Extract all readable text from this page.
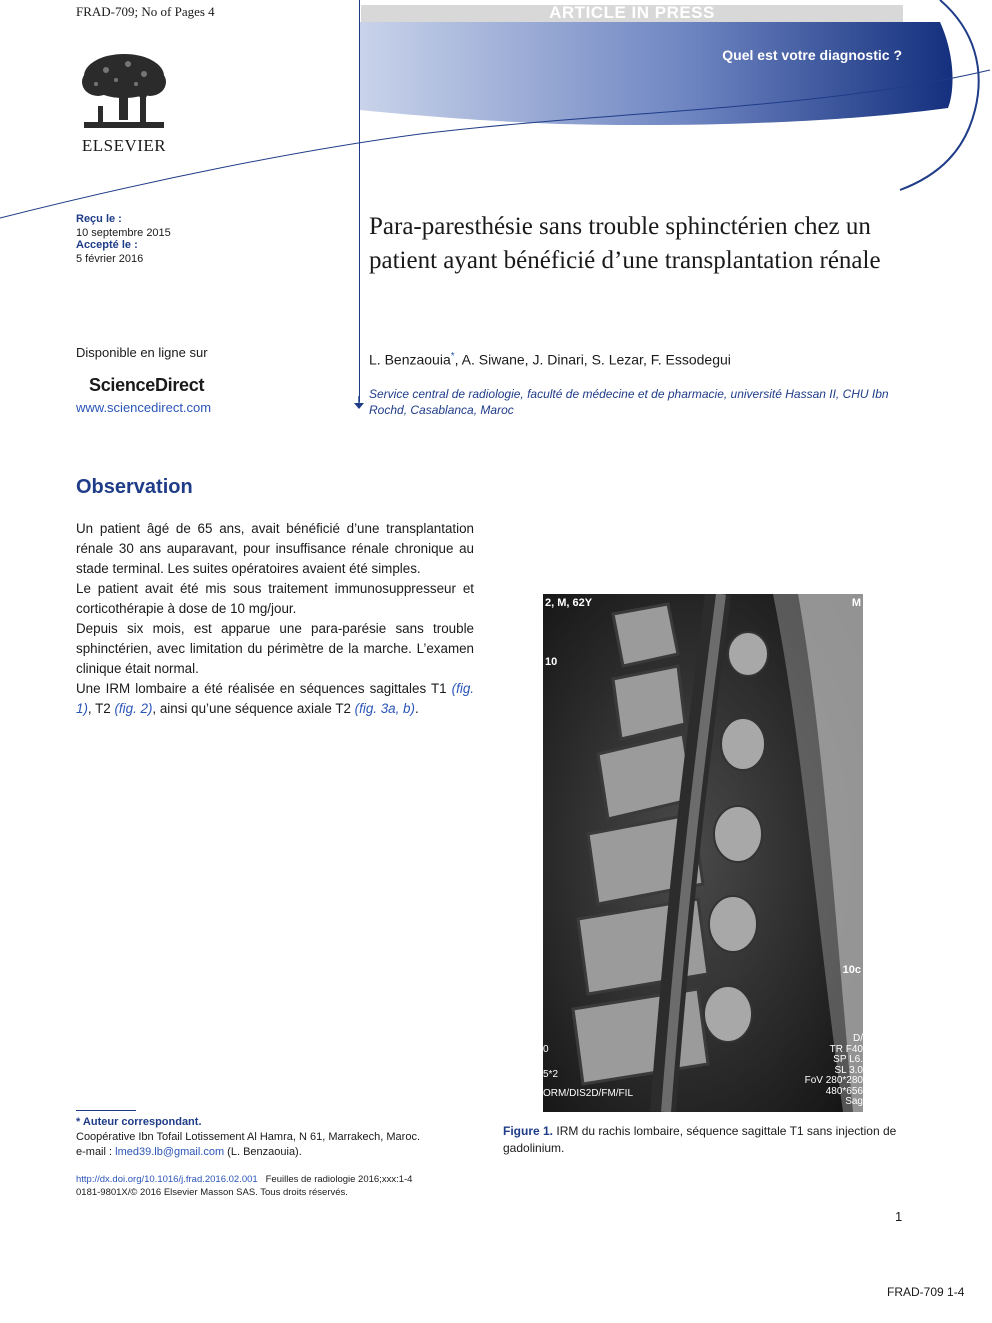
ARTICLE IN PRESS
FRAD-709; No of Pages 4
Quel est votre diagnostic ?
ELSEVIER
Reçu le :
10 septembre 2015
Accepté le :
5 février 2016
Disponible en ligne sur
ScienceDirect
www.sciencedirect.com
Para-paresthésie sans trouble sphinctérien chez un patient ayant bénéficié d’une transplantation rénale
L. Benzaouia*, A. Siwane, J. Dinari, S. Lezar, F. Essodegui
Service central de radiologie, faculté de médecine et de pharmacie, université Hassan II, CHU Ibn Rochd, Casablanca, Maroc
Observation

Un patient âgé de 65 ans, avait bénéficié d’une transplantation rénale 30 ans auparavant, pour insuffisance rénale chronique au stade terminal. Les suites opératoires avaient été simples.

Le patient avait été mis sous traitement immunosuppresseur et corticothérapie à dose de 10 mg/jour.

Depuis six mois, est apparue une para-parésie sans trouble sphinctérien, avec limitation du périmètre de la marche. L’examen clinique était normal.

Une IRM lombaire a été réalisée en séquences sagittales T1 (fig. 1), T2 (fig. 2), ainsi qu’une séquence axiale T2 (fig. 3a, b).

2, M, 62Y
10
M
10c
0
5*2
ORM/DIS2D/FM/FIL
D/
TR F40
SP L6.
SL 3.0
FoV 280*280
480*656
Sag
Figure 1. IRM du rachis lombaire, séquence sagittale T1 sans injection de gadolinium.
* Auteur correspondant.
Coopérative Ibn Tofail Lotissement Al Hamra, N 61, Marrakech, Maroc.
e-mail : lmed39.lb@gmail.com (L. Benzaouia).
http://dx.doi.org/10.1016/j.frad.2016.02.001 Feuilles de radiologie 2016;xxx:1-4
0181-9801X/© 2016 Elsevier Masson SAS. Tous droits réservés.
1
FRAD-709 1-4
